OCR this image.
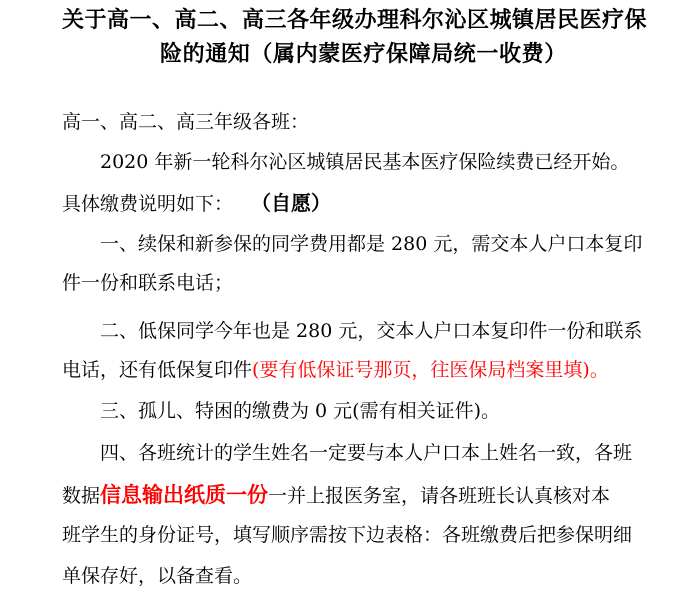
关于高一、高二、高三各年级办理科尔沁区城镇居民医疗保
险的通知（属内蒙医疗保障局统一收费）
高一、高二、高三年级各班：
2020 年新一轮科尔沁区城镇居民基本医疗保险续费已经开始。
具体缴费说明如下： （自愿）
一、续保和新参保的同学费用都是 280 元，需交本人户口本复印
件一份和联系电话；
二、低保同学今年也是 280 元，交本人户口本复印件一份和联系
电话，还有低保复印件(要有低保证号那页，往医保局档案里填)。
三、孤儿、特困的缴费为 0 元(需有相关证件)。
四、各班统计的学生姓名一定要与本人户口本上姓名一致，各班
数据信息输出纸质一份一并上报医务室，请各班班长认真核对本
班学生的身份证号，填写顺序需按下边表格：各班缴费后把参保明细
单保存好，以备查看。
